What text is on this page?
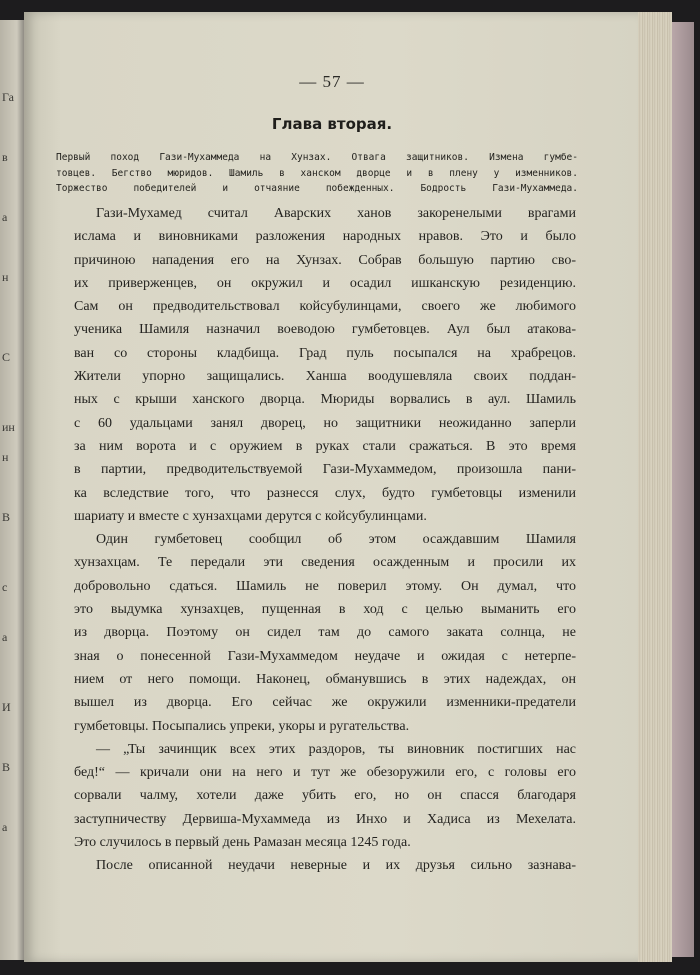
Га
в
а
н
С
ин
н
В
с
а
И
В
а
— 57 —
Глава вторая.
Первый поход Гази-Мухаммеда на Хунзах. Отвага защитников. Измена гумбе-
товцев. Бегство мюридов. Шамиль в ханском дворце и в плену у изменников.
Торжество победителей и отчаяние побежденных. Бодрость Гази-Мухаммеда.
Гази-Мухамед считал Аварских ханов закоренелыми врагами
ислама и виновниками разложения народных нравов. Это и было
причиною нападения его на Хунзах. Собрав большую партию сво-
их приверженцев, он окружил и осадил ишканскую резиденцию.
Сам он предводительствовал койсубулинцами, своего же любимого
ученика Шамиля назначил воеводою гумбетовцев. Аул был атакова-
ван со стороны кладбища. Град пуль посыпался на храбрецов.
Жители упорно защищались. Ханша воодушевляла своих поддан-
ных с крыши ханского дворца. Мюриды ворвались в аул. Шамиль
с 60 удальцами занял дворец, но защитники неожиданно заперли
за ним ворота и с оружием в руках стали сражаться. В это время
в партии, предводительствуемой Гази-Мухаммедом, произошла пани-
ка вследствие того, что разнесся слух, будто гумбетовцы изменили
шариату и вместе с хунзахцами дерутся с койсубулинцами.
Один гумбетовец сообщил об этом осаждавшим Шамиля
хунзахцам. Те передали эти сведения осажденным и просили их
добровольно сдаться. Шамиль не поверил этому. Он думал, что
это выдумка хунзахцев, пущенная в ход с целью выманить его
из дворца. Поэтому он сидел там до самого заката солнца, не
зная о понесенной Гази-Мухаммедом неудаче и ожидая с нетерпе-
нием от него помощи. Наконец, обманувшись в этих надеждах, он
вышел из дворца. Его сейчас же окружили изменники-предатели
гумбетовцы. Посыпались упреки, укоры и ругательства.
— „Ты зачинщик всех этих раздоров, ты виновник постигших нас
бед!“ — кричали они на него и тут же обезоружили его, с головы его
сорвали чалму, хотели даже убить его, но он спасся благодаря
заступничеству Дервиша-Мухаммеда из Инхо и Хадиса из Мехелата.
Это случилось в первый день Рамазан месяца 1245 года.
После описанной неудачи неверные и их друзья сильно зазнава-
